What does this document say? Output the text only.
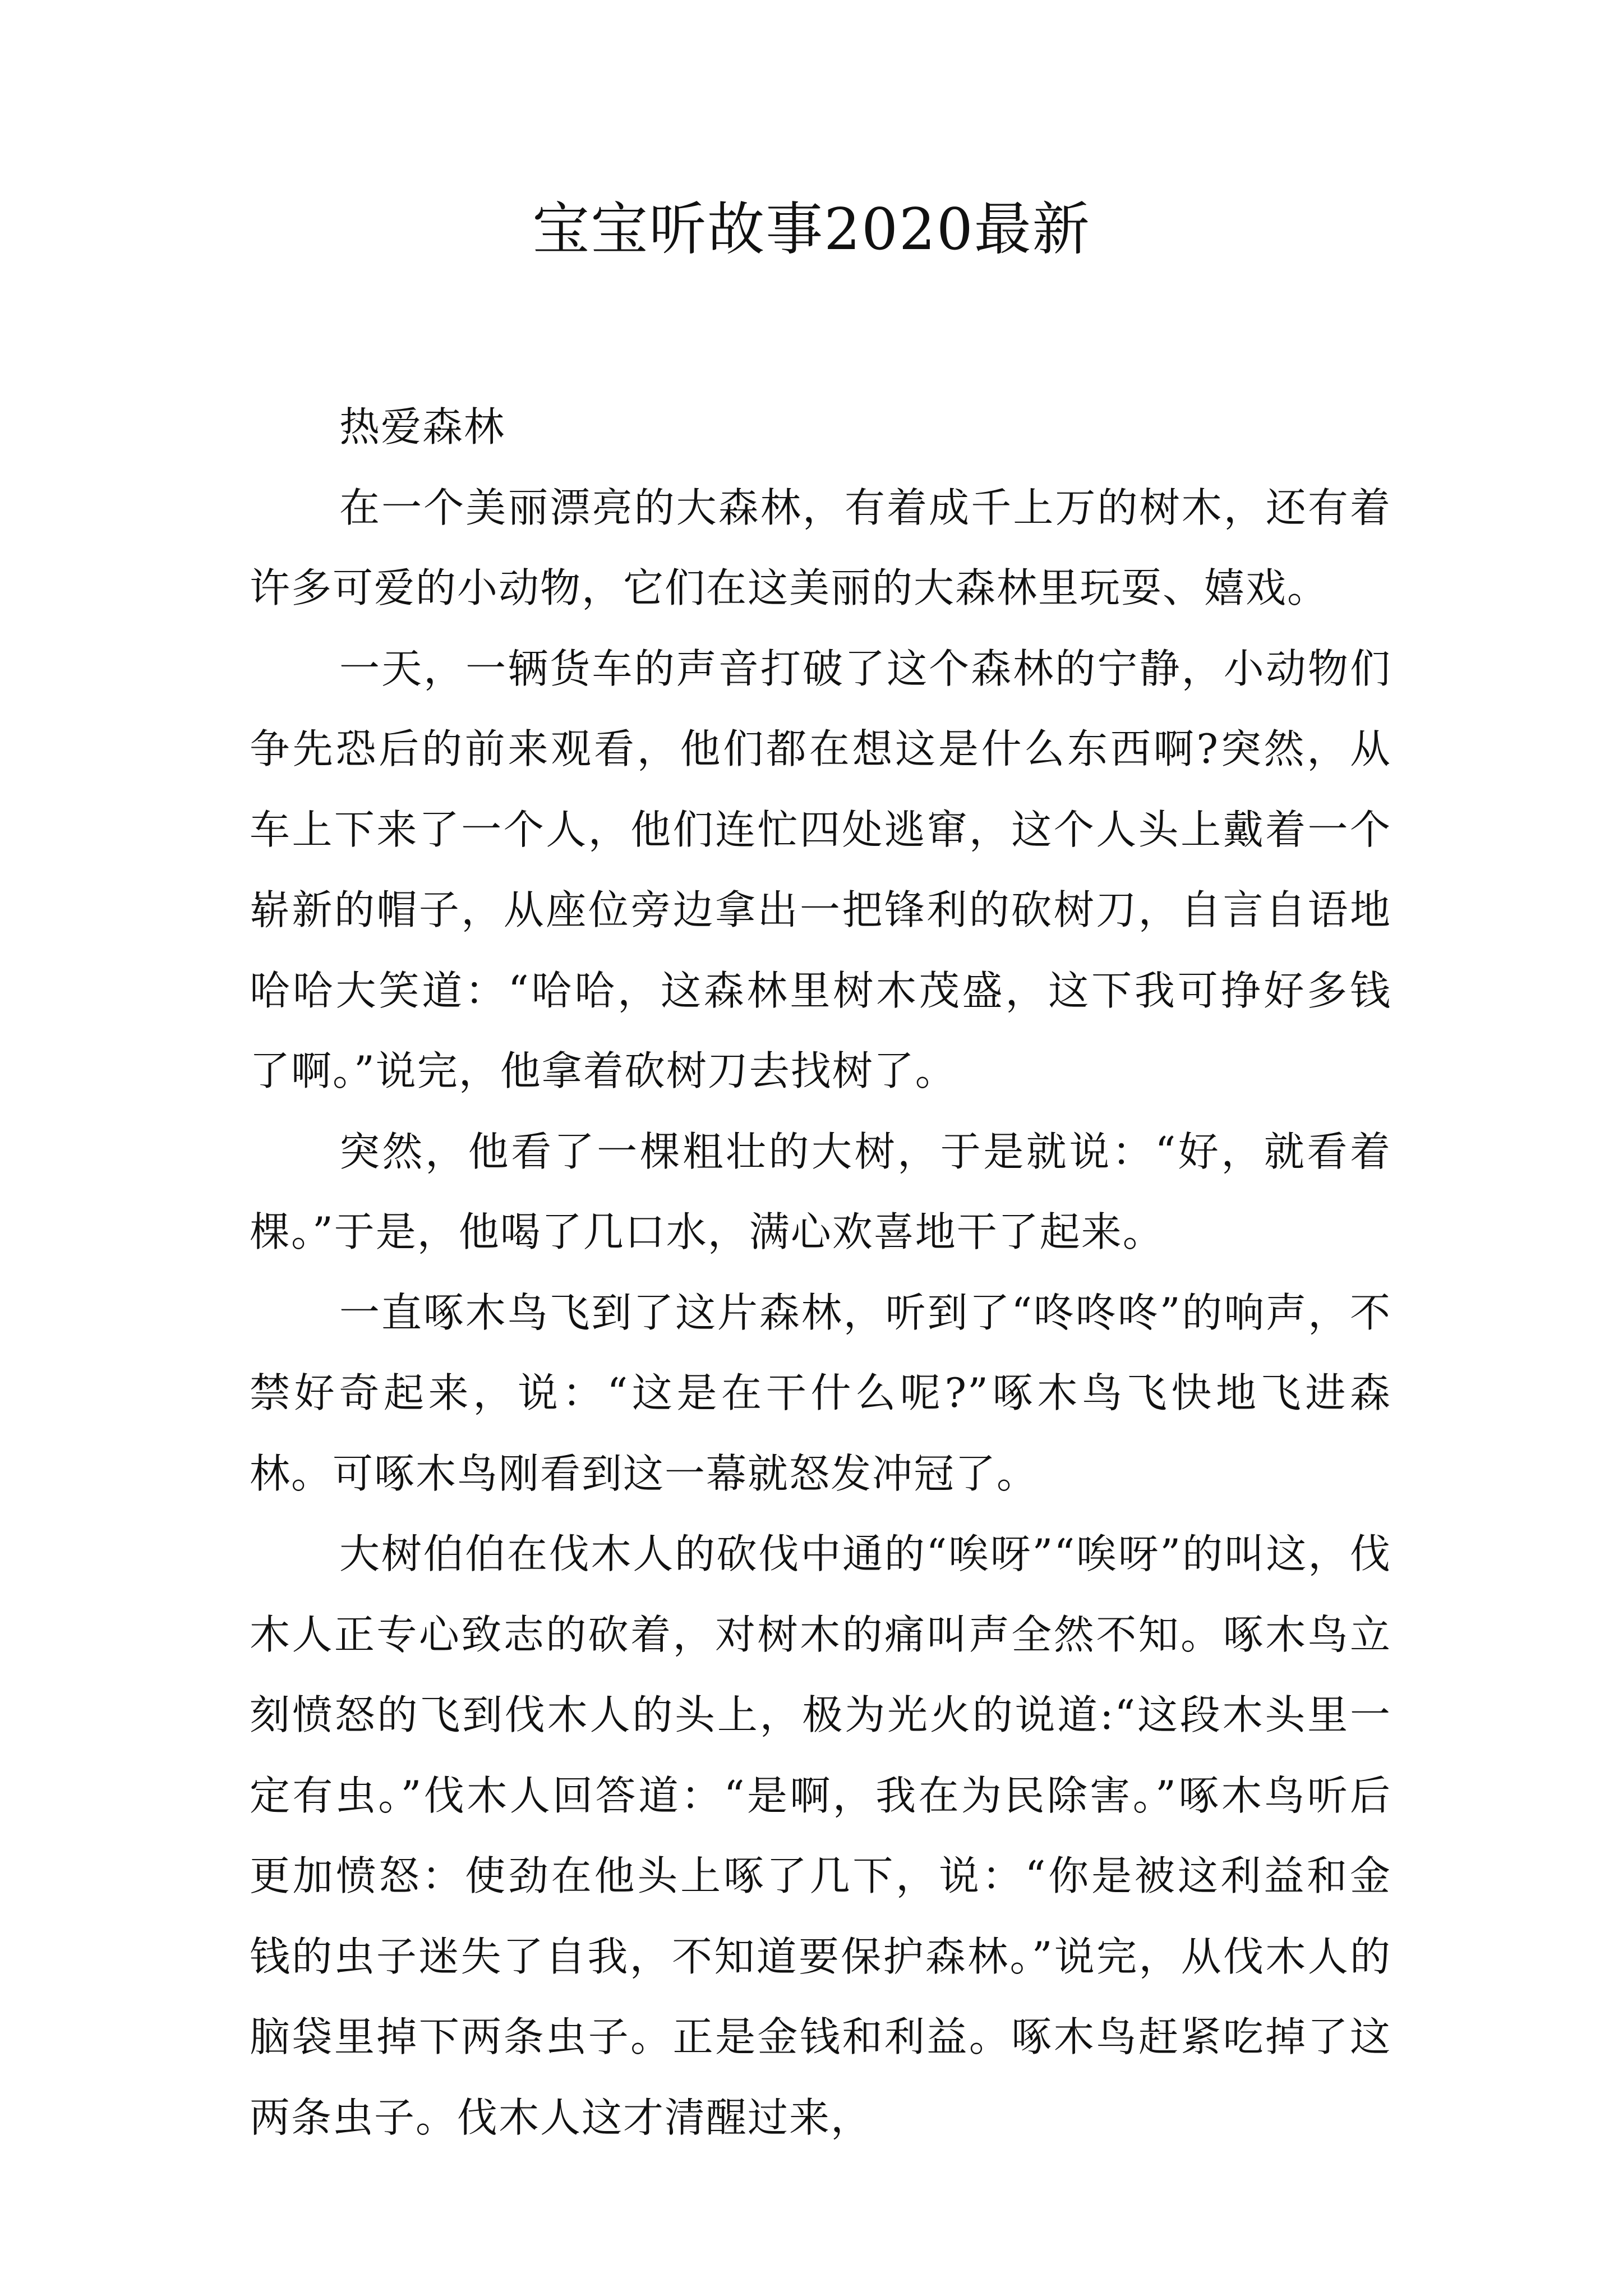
宝宝听故事2020最新

热爱森林

在一个美丽漂亮的大森林，有着成千上万的树木，还有着许多可爱的小动物，它们在这美丽的大森林里玩耍、嬉戏。

一天，一辆货车的声音打破了这个森林的宁静，小动物们争先恐后的前来观看，他们都在想这是什么东西啊?突然，从车上下来了一个人，他们连忙四处逃窜，这个人头上戴着一个崭新的帽子，从座位旁边拿出一把锋利的砍树刀，自言自语地哈哈大笑道：“哈哈，这森林里树木茂盛，这下我可挣好多钱了啊。”说完，他拿着砍树刀去找树了。

突然，他看了一棵粗壮的大树，于是就说：“好，就看着棵。”于是，他喝了几口水，满心欢喜地干了起来。

一直啄木鸟飞到了这片森林，听到了“咚咚咚”的响声，不禁好奇起来，说：“这是在干什么呢?”啄木鸟飞快地飞进森林。可啄木鸟刚看到这一幕就怒发冲冠了。

大树伯伯在伐木人的砍伐中通的“唉呀”“唉呀”的叫这，伐木人正专心致志的砍着，对树木的痛叫声全然不知。啄木鸟立刻愤怒的飞到伐木人的头上，极为光火的说道:“这段木头里一定有虫。”伐木人回答道：“是啊，我在为民除害。”啄木鸟听后更加愤怒：使劲在他头上啄了几下，说：“你是被这利益和金钱的虫子迷失了自我，不知道要保护森林。”说完，从伐木人的脑袋里掉下两条虫子。正是金钱和利益。啄木鸟赶紧吃掉了这两条虫子。伐木人这才清醒过来，
